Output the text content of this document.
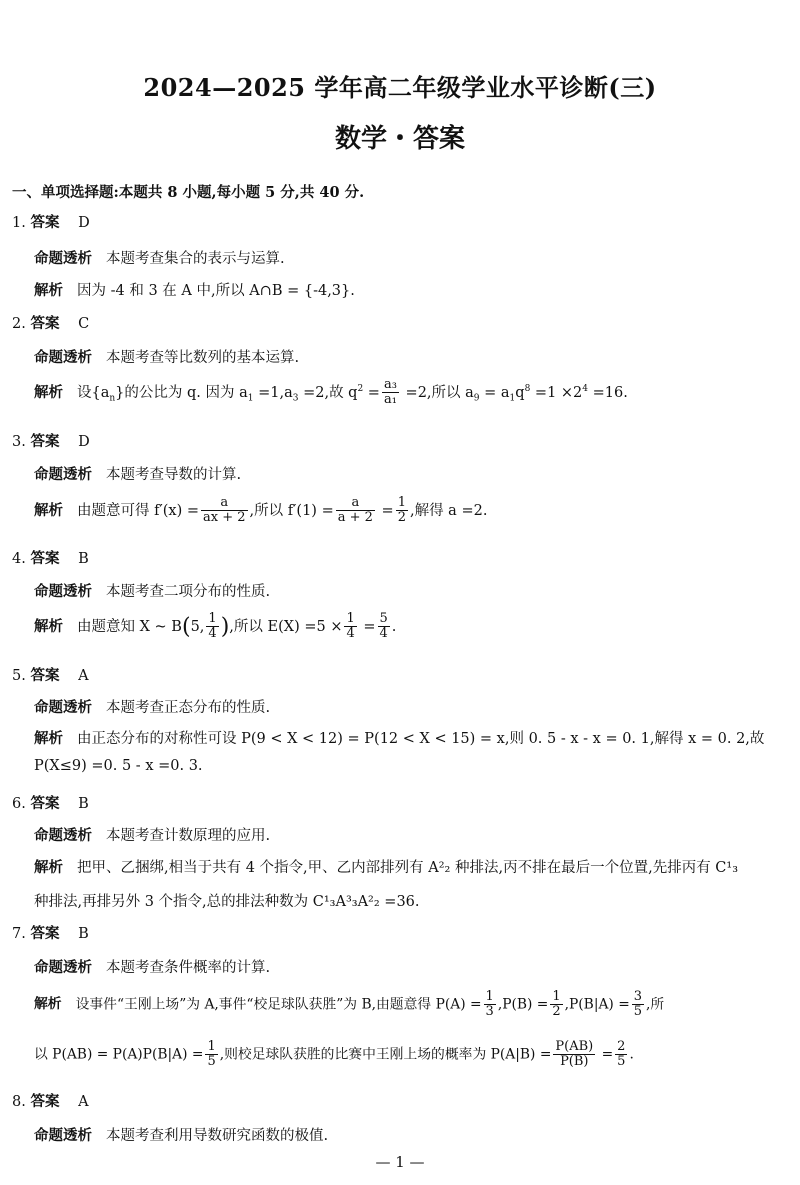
2024—2025 学年高二年级学业水平诊断(三)
数学・答案
一、单项选择题:本题共 8 小题,每小题 5 分,共 40 分.
1. 答案 D
命题透析 本题考查集合的表示与运算.
解析 因为 -4 和 3 在 A 中,所以 A∩B = {-4,3}.
2. 答案 C
命题透析 本题考查等比数列的基本运算.
解析 设$\{a_n\}$的公比为 q. 因为 $a_1 =1,a_3 =2$,故 $q^2 = \frac{\text{a₃}}{\text{a₁}} =2$,所以 $a_9 = a_1q^8 =1 \times 2^4 =16$.
3. 答案 D
命题透析 本题考查导数的计算.
解析 由题意可得 $f'(x) = \frac{a}{ax + 2}$ ,所以 $f'(1) = \frac{a}{a + 2} = \frac{1}{2}$ ,解得 a =2.
4. 答案 B
命题透析 本题考查二项分布的性质.
解析 由题意知 X ~ B(5, $\frac{1}{4}$ ),所以 $E(X) =5 \times \frac{1}{4} = \frac{5}{4}$ .
5. 答案 A
命题透析 本题考查正态分布的性质.
解析 由正态分布的对称性可设 P(9 < X < 12) = P(12 < X < 15) = x,则 0. 5 - x - x = 0. 1,解得 x = 0. 2,故
P(X≤9) =0. 5 - x =0. 3.
6. 答案 B
命题透析 本题考查计数原理的应用.
解析 把甲、乙捆绑,相当于共有 4 个指令,甲、乙内部排列有 A²₂ 种排法,丙不排在最后一个位置,先排丙有 C¹₃
种排法,再排另外 3 个指令,总的排法种数为 C¹₃A³₃A²₂ =36.
7. 答案 B
命题透析 本题考查条件概率的计算.
解析 设事件“王刚上场”为 A,事件“校足球队获胜”为 B,由题意得 $P(A) = \frac{1}{3} ,P(B) = \frac{1}{2} ,P(B|A) = \frac{3}{5}$ ,所
以 $P(AB) = P(A)P(B|A) = \frac{1}{5}$ ,则校足球队获胜的比赛中王刚上场的概率为 $P(A|B) = \frac{P(AB)}{P(B)} = \frac{2}{5}$ .
8. 答案 A
命题透析 本题考查利用导数研究函数的极值.
— 1 —
